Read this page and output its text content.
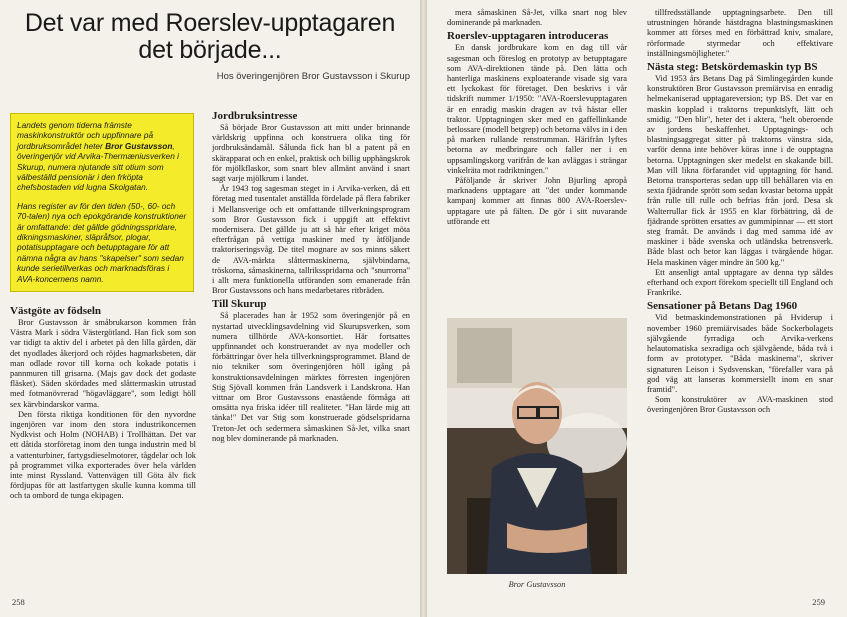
Det var med Roerslev-upptagaren det började...
Hos överingenjören Bror Gustavsson i Skurup
Landets genom tiderna främste maskinkonstruktör och uppfinnare på jordbruksområdet heter Bror Gustavsson, överingenjör vid Arvika-Thermæniusverken i Skurup, numera njutande sitt otium som välbeställd pensionär i den frköpta chefsbostaden vid lugna Skolgatan.
Hans register av för den tiden (50-, 60- och 70-talen) nya och epokgörande konstruktioner är omfattande: det gällde gödningsspridare, dikningsmaskiner, släpråfsor, plogar, potatisupptagare och betupptagare för att nämna några av hans "skapelser" som sedan kunde serietillverkas och marknadsföras i AVA-koncernens namn.
Västgöte av födseln

Bror Gustavsson är småbrukarson kommen från Västra Mark i södra Västergötland. Han fick som son var tidigt ta aktiv del i arbetet på den lilla gården, där det nyodlades åkerjord och röjdes hagmarksbeten, där man odlade rovor till korna och kokade potatis i pannmuren till grisarna. (Majs gav dock det godaste fläsket). Säden skördades med slåttermaskin utrustad med fotmanövrerad "högavläggare", som ledigt höll sex kärvbindarskor varma.

Den första riktiga konditionen för den nyvordne ingenjören var inom den stora industrikoncernen Nydkvist och Holm (NOHAB) i Trollhättan. Det var ett dåtida storföretag inom den tunga industrin med bl a vattenturbiner, fartygsdieselmotorer, tågdelar och lok på programmet vilka exporterades över hela världen inte minst Ryssland. Vattenvägen till Göta älv fick fördjupas för att lastfartygen skulle kunna komma till och ta ombord de tunga ekipagen.

Jordbruksintresse

Så började Bror Gustavsson att mitt under brinnande världskrig uppfinna och konstruera olika ting för jordbruksändamål. Sålunda fick han bl a patent på en skärapparat och en enkel, praktisk och billig upphängskrok för mjölkflaskor, som snart blev allmänt använd i snart sagt varje mjölkrum i landet.

År 1943 tog sagesman steget in i Arvika-verken, då ett företag med tusentalet anställda fördelade på flera fabriker i Mellansverige och ett omfattande tillverkningsprogram som Bror Gustavsson fick i uppgift att effektivt modernisera. Det gällde ju att så här efter kriget möta efterfrågan på vettiga maskiner med ty åtföljande traktoriseringsvåg. De titel mognare av sos minns säkert de AVA-märkta slåttermaskinerna, självbindarna, tröskorna, såmaskinerna, tallriksspridarna och "snurrorna" i allt mera funktionella utföranden som emanerade från Bror Gustavssons och hans medarbetares ritbräden.

Till Skurup

Så placerades han år 1952 som överingenjör på en nystartad utvecklingsavdelning vid Skurupsverken, som numera tillhörde AVA-konsortiet. Här fortsattes uppfinnandet och konstruerandet av nya modeller och förbättringar över hela tillverkningsprogrammet. Bland de nio tekniker som överingenjören höll igång på konstruktionsavdelningen märktes förresten ingenjören Stig Sjövall kommen från Landsverk i Landskrona. Han vittnar om Bror Gustavssons enastående förmåga att omsätta nya friska idéer till realiteter. "Han lärde mig att tänka!" Det var Stig som konstruerade gödselspridarna Treton-Jet och sedermera såmaskinen Så-Jet, vilka snart nog blev dominerande på marknaden.

258

mera såmaskinen Så-Jet, vilka snart nog blev dominerande på marknaden.

Roerslev-upptagaren introduceras

En dansk jordbrukare kom en dag till vår sagesman och föreslog en prototyp av betupptagare som AVA-direktionen tände på. Den lätta och hanterliga maskinens exploaterande visade sig vara ett lyckokast för företaget. Den beskrivs i vår tidskrift nummer 1/1950: "AVA-Roerslevupptagaren är en enradig maskin dragen av två hästar eller traktor. Upptagningen sker med en gaffellinkande betlossare (modell betgrep) och betorna välvs in i den på marken rullande renstrumman. Härifrån lyftes betorna av medbringare och faller ner i en uppsamlingskorg varifrån de kan avläggas i strängar vinkelräta mot radriktningen."

Påföljande år skriver John Bjurling apropå marknadens upptagare att "det under kommande kampanj kommer att finnas 800 AVA-Roerslev-upptagare ute på fälten. De gör i sitt nuvarande utförande ett

Bror Gustavsson

tillfredsställande upptagningsarbete. Den till utrustningen hörande hästdragna blastningsmaskinen kommer att förses med en förbättrad kniv, smalare, rörformade styrmedar och effektivare inställningsmöjligheter."

Nästa steg: Betskördemaskin typ BS

Vid 1953 års Betans Dag på Simlingegården kunde konstruktören Bror Gustavsson premiärvisa en enradig helmekaniserad upptagareversion; typ BS. Det var en maskin kopplad i traktorns trepunktslyft, lätt och smidig. "Den blir", heter det i aktera, "helt oberoende av jordens beskaffenhet. Upptagnings- och blastningsaggregat sitter på traktorns vänstra sida, varför denna inte behöver köras inne i de oupptagna betorna. Upptagningen sker medelst en skakande bill. Man vill likna förfarandet vid upptagning för hand. Betorna transporteras sedan upp till behållaren via en sexta fjädrande sprött som sedan kvastar betorna uppåt från rulle till rulle och befrias från jord. Desa sk Walterrullar fick år 1955 en klar förbättring, då de fjädrande sprötten ersattes av gummipinnar — ett stort steg framåt. De används i dag med samma idé av maskiner i både svenska och utländska betrensverk. Både blast och betor kan läggas i tvärgående högar. Hela maskinen väger mindre än 500 kg."

Ett ansenligt antal upptagare av denna typ såldes efterhand och export förekom speciellt till England och Frankrike.

Sensationer på Betans Dag 1960

Vid betmaskindemonstrationen på Hviderup i november 1960 premiärvisades både Sockerbolagets självgående fyrradiga och Arvika-verkens helautomatiska sexradiga och självgående, båda två i form av prototyper. "Båda maskinerna", skriver signaturen Leison i Sydsvenskan, "förefaller vara på god väg att lanseras kommersiellt inom en snar framtid".

Som konstruktörer av AVA-maskinen stod överingenjören Bror Gustavsson och

259
